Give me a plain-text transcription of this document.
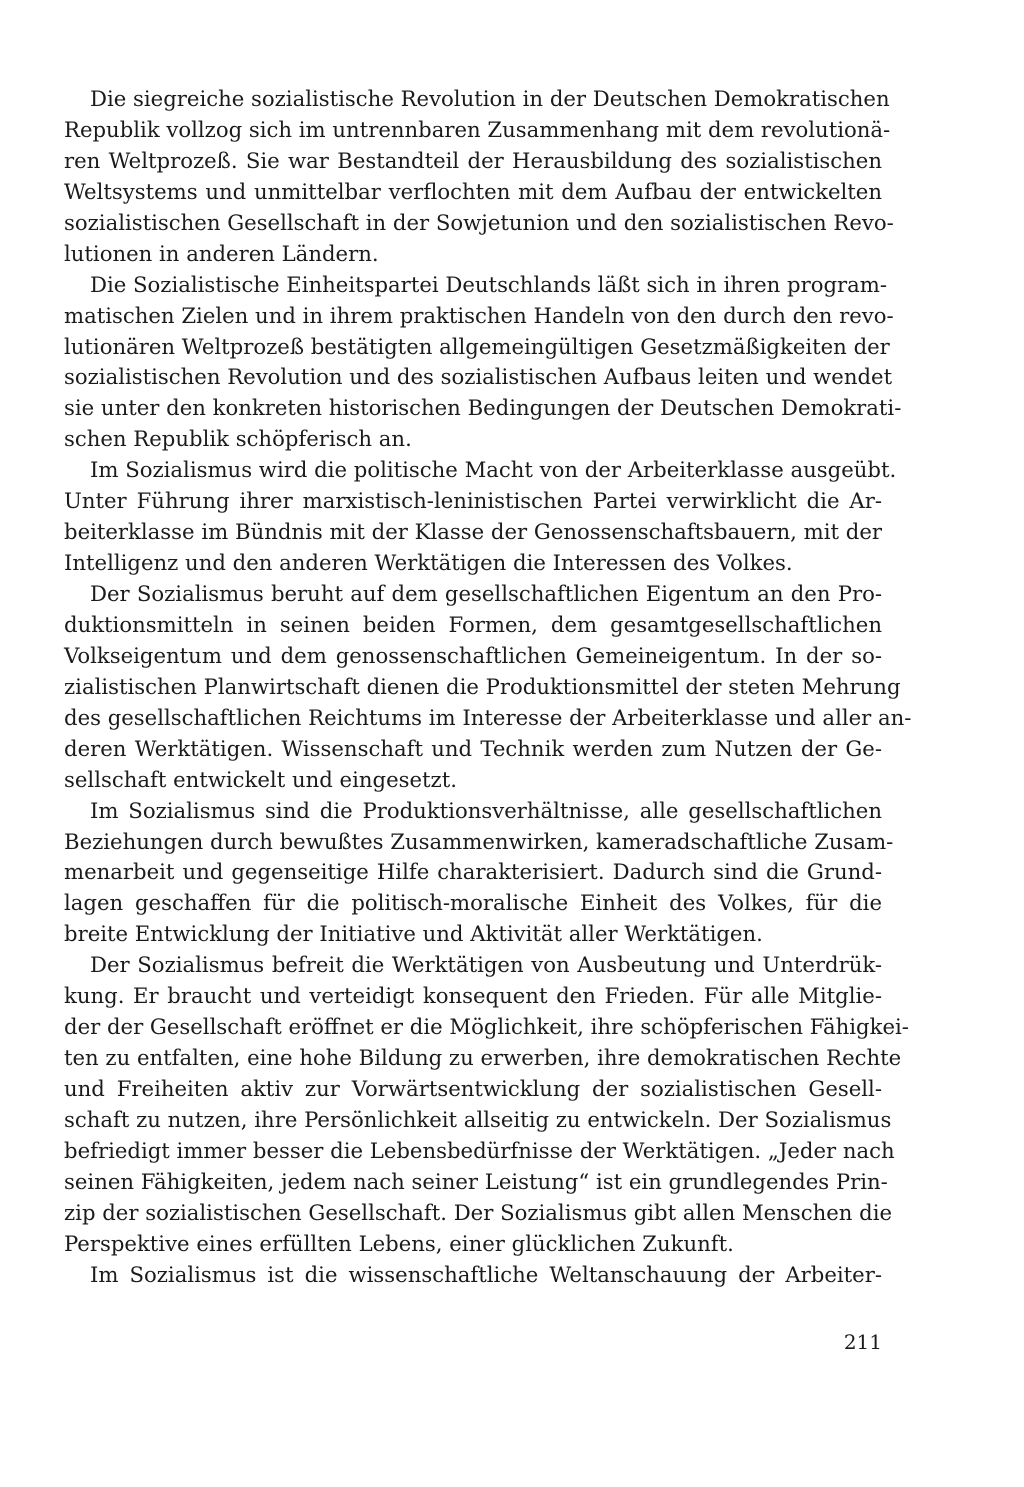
Die siegreiche sozialistische Revolution in der Deutschen Demokratischen
Republik vollzog sich im untrennbaren Zusammenhang mit dem revolutionä-
ren Weltprozeß. Sie war Bestandteil der Herausbildung des sozialistischen
Weltsystems und unmittelbar verflochten mit dem Aufbau der entwickelten
sozialistischen Gesellschaft in der Sowjetunion und den sozialistischen Revo-
lutionen in anderen Ländern.
Die Sozialistische Einheitspartei Deutschlands läßt sich in ihren program-
matischen Zielen und in ihrem praktischen Handeln von den durch den revo-
lutionären Weltprozeß bestätigten allgemeingültigen Gesetzmäßigkeiten der
sozialistischen Revolution und des sozialistischen Aufbaus leiten und wendet
sie unter den konkreten historischen Bedingungen der Deutschen Demokrati-
schen Republik schöpferisch an.
Im Sozialismus wird die politische Macht von der Arbeiterklasse ausgeübt.
Unter Führung ihrer marxistisch-leninistischen Partei verwirklicht die Ar-
beiterklasse im Bündnis mit der Klasse der Genossenschaftsbauern, mit der
Intelligenz und den anderen Werktätigen die Interessen des Volkes.
Der Sozialismus beruht auf dem gesellschaftlichen Eigentum an den Pro-
duktionsmitteln in seinen beiden Formen, dem gesamtgesellschaftlichen
Volkseigentum und dem genossenschaftlichen Gemeineigentum. In der so-
zialistischen Planwirtschaft dienen die Produktionsmittel der steten Mehrung
des gesellschaftlichen Reichtums im Interesse der Arbeiterklasse und aller an-
deren Werktätigen. Wissenschaft und Technik werden zum Nutzen der Ge-
sellschaft entwickelt und eingesetzt.
Im Sozialismus sind die Produktionsverhältnisse, alle gesellschaftlichen
Beziehungen durch bewußtes Zusammenwirken, kameradschaftliche Zusam-
menarbeit und gegenseitige Hilfe charakterisiert. Dadurch sind die Grund-
lagen geschaffen für die politisch-moralische Einheit des Volkes, für die
breite Entwicklung der Initiative und Aktivität aller Werktätigen.
Der Sozialismus befreit die Werktätigen von Ausbeutung und Unterdrük-
kung. Er braucht und verteidigt konsequent den Frieden. Für alle Mitglie-
der der Gesellschaft eröffnet er die Möglichkeit, ihre schöpferischen Fähigkei-
ten zu entfalten, eine hohe Bildung zu erwerben, ihre demokratischen Rechte
und Freiheiten aktiv zur Vorwärtsentwicklung der sozialistischen Gesell-
schaft zu nutzen, ihre Persönlichkeit allseitig zu entwickeln. Der Sozialismus
befriedigt immer besser die Lebensbedürfnisse der Werktätigen. „Jeder nach
seinen Fähigkeiten, jedem nach seiner Leistung“ ist ein grundlegendes Prin-
zip der sozialistischen Gesellschaft. Der Sozialismus gibt allen Menschen die
Perspektive eines erfüllten Lebens, einer glücklichen Zukunft.
Im Sozialismus ist die wissenschaftliche Weltanschauung der Arbeiter-
211
